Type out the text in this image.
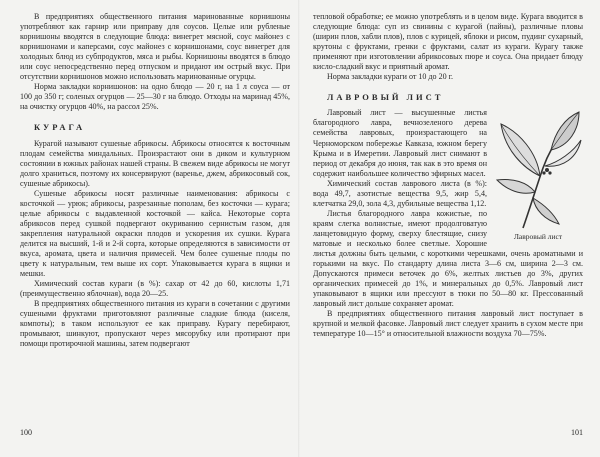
В предприятиях общественного питания маринованные корнишоны употребляют как гарнир или приправу для соусов. Целые или рубленые корнишоны вводятся в следующие блюда: винегрет мясной, соус майонез с корнишонами и каперсами, соус майонез с корнишонами, соус винегрет для холодных блюд из субпродуктов, мяса и рыбы. Корнишоны вводятся в блюдо или соус непосредственно перед отпуском и придают им острый вкус. При отсутствии корнишонов можно использовать маринованные огурцы.

Норма закладки корнишонов: на одно блюдо — 20 г, на 1 л соуса — от 100 до 350 г; соленых огурцов — 25—30 г на блюдо. Отходы на маринад 45%, на очистку огурцов 40%, на рассол 25%.

КУРАГА

Курагой называют сушеные абрикосы. Абрикосы относятся к восточным плодам семейства миндальных. Произрастают они в диком и культурном состоянии в южных районах нашей страны. В свежем виде абрикосы не могут долго храниться, поэтому их консервируют (варенье, джем, абрикосовый сок, сушеные абрикосы).

Сушеные абрикосы носят различные наименования: абрикосы с косточкой — урюк; абрикосы, разрезанные пополам, без косточки — курага; целые абрикосы с выдавленной косточкой — кайса. Некоторые сорта абрикосов перед сушкой подвергают окуриванию сернистым газом, для закрепления натуральной окраски плодов и ускорения их сушки. Курага делится на высший, 1-й и 2-й сорта, которые определяются в зависимости от вкуса, аромата, цвета и наличия примесей. Чем более сушеные плоды по цвету к натуральным, тем выше их сорт. Упаковывается курага в ящики и мешки.

Химический состав кураги (в %): сахар от 42 до 60, кислоты 1,71 (преимущественно яблочная), вода 20—25.

В предприятиях общественного питания из кураги в сочетании с другими сушеными фруктами приготовляют различные сладкие блюда (киселя, компоты); в таком используют ее как приправу. Курагу перебирают, промывают, шинкуют, пропускают через мясорубку или протирают при помощи протирочной машины, затем подвергают

100

тепловой обработке; ее можно употреблять и в целом виде. Курага вводится в следующие блюда: суп из свинины с курагой (пайны), различные пловы (ширин плов, хабли плов), плов с курицей, яблоки и рисом, пудинг сухарный, крутоны с фруктами, гренки с фруктами, салат из кураги. Курагу также применяют при изготовлении абрикосовых пюре и соуса. Она придает блюду кисло-сладкий вкус и приятный аромат.

Норма закладки кураги от 10 до 20 г.

ЛАВРОВЫЙ ЛИСТ
Лавровый лист

Лавровый лист — высушенные листья благородного лавра, вечнозеленого дерева семейства лавровых, произрастающего на Черноморском побережье Кавказа, южном берегу Крыма и в Имеретии. Лавровый лист снимают в период от декабря до июня, так как в это время он содержит наибольшее количество эфирных масел.

Химический состав лаврового листа (в %): вода 49,7, азотистые вещества 9,5, жир 5,4, клетчатка 29,0, зола 4,3, дубильные вещества 1,12.

Листья благородного лавра кожистые, по краям слегка волнистые, имеют продолговатую ланцетовидную форму, сверху блестящие, снизу матовые и несколько более светлые. Хорошие листья должны быть целыми, с короткими черешками, очень ароматными и горькими на вкус. По стандарту длина листа 3—6 см, ширина 2—3 см. Допускаются примеси веточек до 6%, желтых листьев до 3%, других органических примесей до 1%, и минеральных до 0,5%. Лавровый лист упаковывают в ящики или прессуют в тюки по 50—80 кг. Прессованный лавровый лист дольше сохраняет аромат.

В предприятиях общественного питания лавровый лист поступает в крупной и мелкой фасовке. Лавровый лист следует хранить в сухом месте при температуре 10—15° и относительной влажности воздуха 70—75%.

101
